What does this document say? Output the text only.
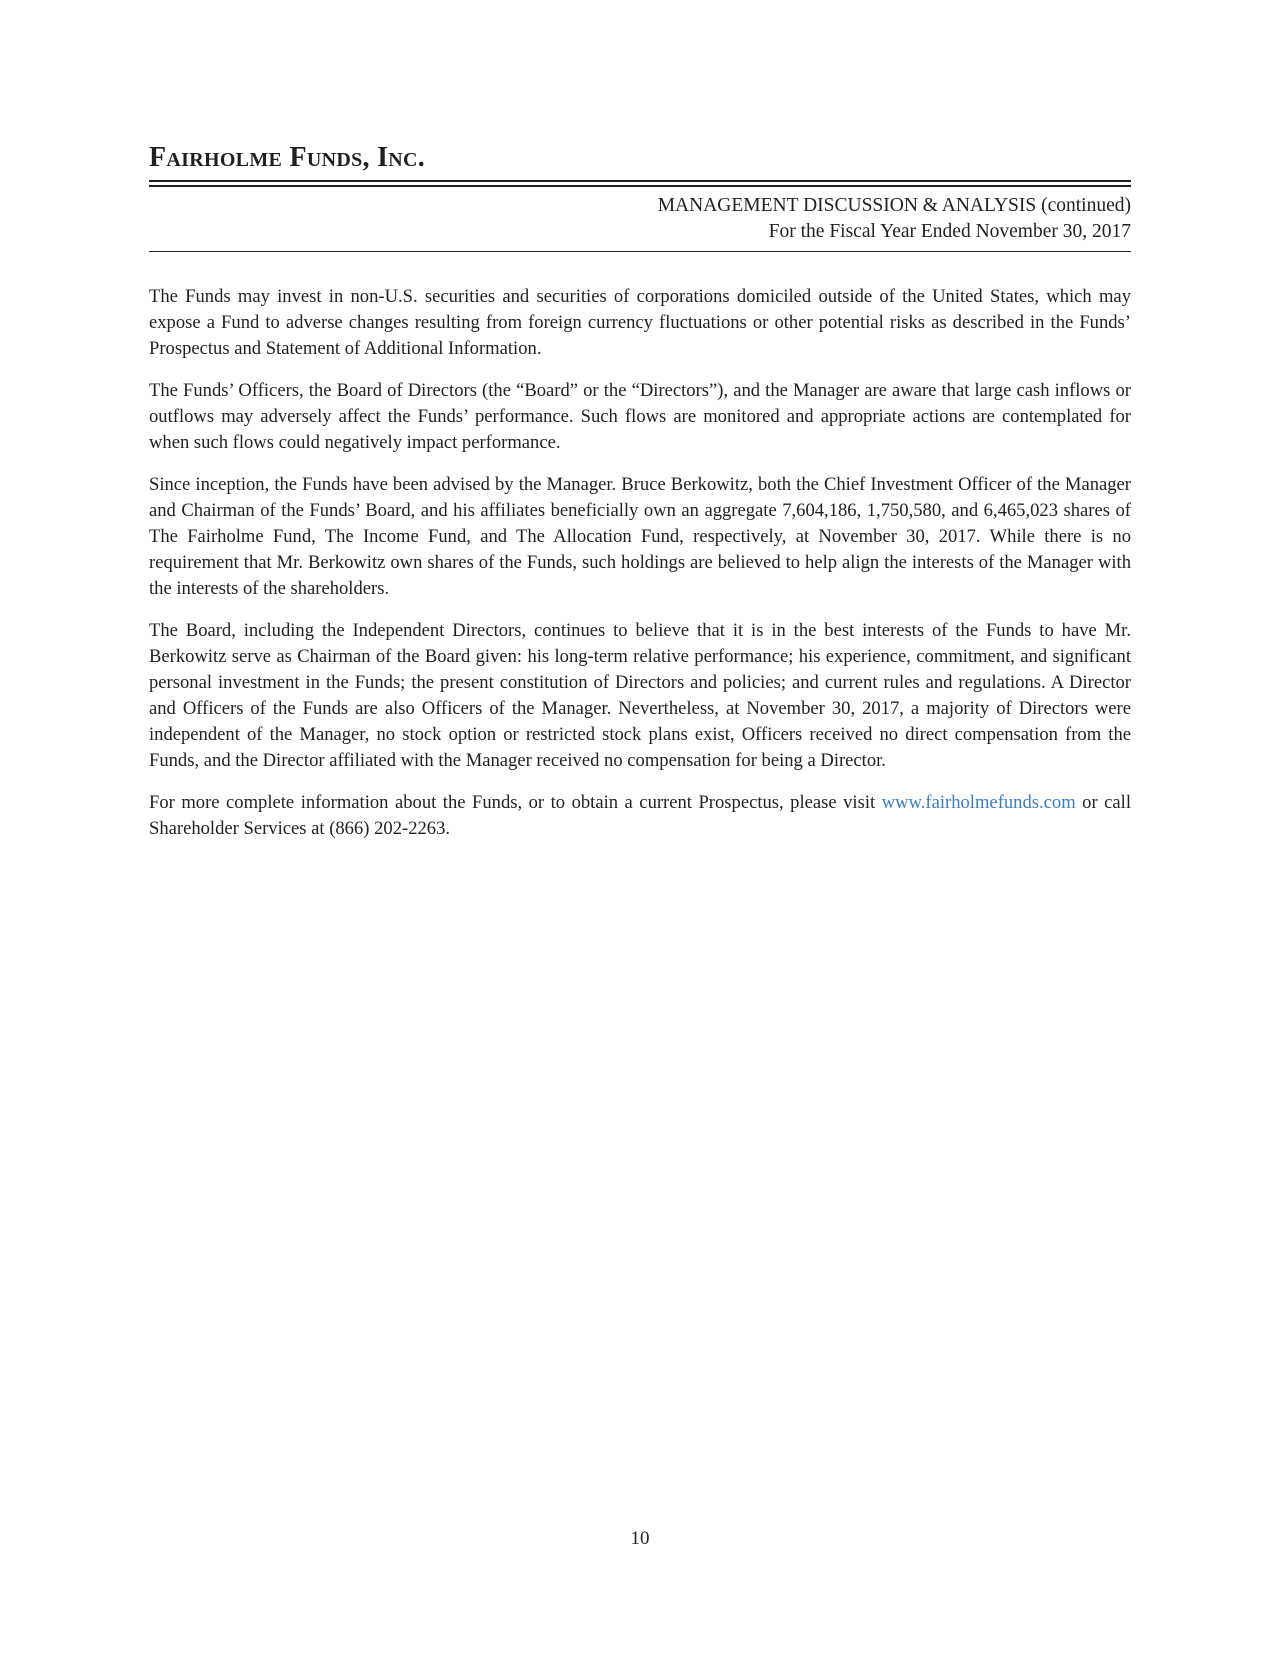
Fairholme Funds, Inc.
MANAGEMENT DISCUSSION & ANALYSIS (continued)
For the Fiscal Year Ended November 30, 2017

The Funds may invest in non-U.S. securities and securities of corporations domiciled outside of the United States, which may expose a Fund to adverse changes resulting from foreign currency fluctuations or other potential risks as described in the Funds’ Prospectus and Statement of Additional Information.

The Funds’ Officers, the Board of Directors (the “Board” or the “Directors”), and the Manager are aware that large cash inflows or outflows may adversely affect the Funds’ performance. Such flows are monitored and appropriate actions are contemplated for when such flows could negatively impact performance.

Since inception, the Funds have been advised by the Manager. Bruce Berkowitz, both the Chief Investment Officer of the Manager and Chairman of the Funds’ Board, and his affiliates beneficially own an aggregate 7,604,186, 1,750,580, and 6,465,023 shares of The Fairholme Fund, The Income Fund, and The Allocation Fund, respectively, at November 30, 2017. While there is no requirement that Mr. Berkowitz own shares of the Funds, such holdings are believed to help align the interests of the Manager with the interests of the shareholders.

The Board, including the Independent Directors, continues to believe that it is in the best interests of the Funds to have Mr. Berkowitz serve as Chairman of the Board given: his long-term relative performance; his experience, commitment, and significant personal investment in the Funds; the present constitution of Directors and policies; and current rules and regulations. A Director and Officers of the Funds are also Officers of the Manager. Nevertheless, at November 30, 2017, a majority of Directors were independent of the Manager, no stock option or restricted stock plans exist, Officers received no direct compensation from the Funds, and the Director affiliated with the Manager received no compensation for being a Director.

For more complete information about the Funds, or to obtain a current Prospectus, please visit www.fairholmefunds.com or call Shareholder Services at (866) 202-2263.

10
